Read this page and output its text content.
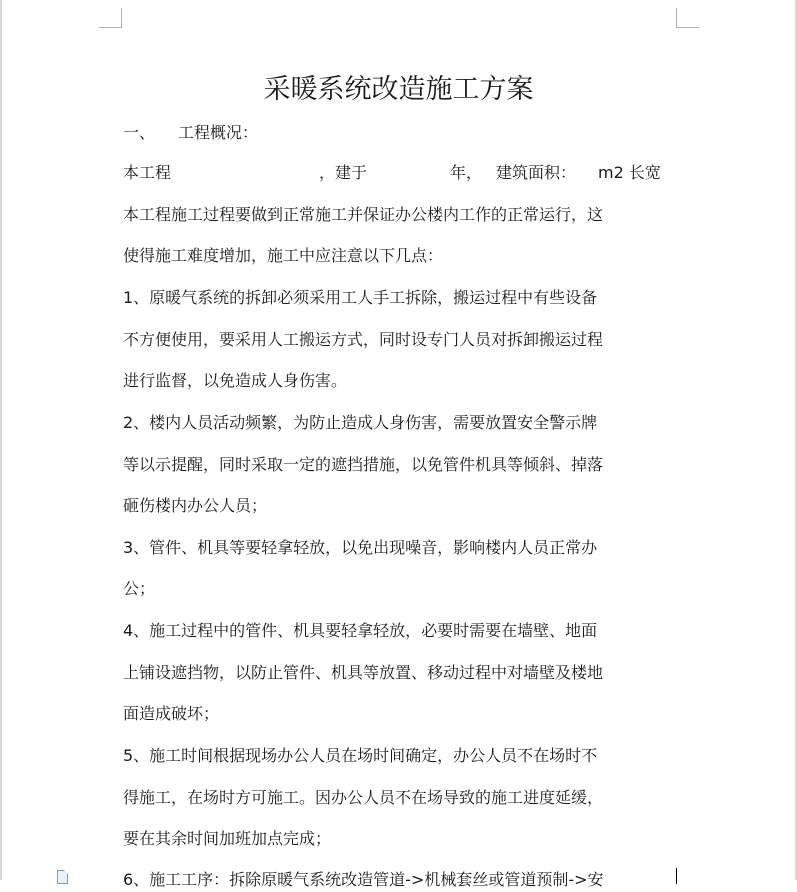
采暖系统改造施工方案
一、 工程概况：
本工程	，建于	年， 建筑面积： m2 长宽
本工程施工过程要做到正常施工并保证办公楼内工作的正常运行，这
使得施工难度增加，施工中应注意以下几点：
1、原暖气系统的拆卸必须采用工人手工拆除，搬运过程中有些设备
不方便使用，要采用人工搬运方式，同时设专门人员对拆卸搬运过程
进行监督，以免造成人身伤害。
2、楼内人员活动频繁，为防止造成人身伤害，需要放置安全警示牌
等以示提醒，同时采取一定的遮挡措施，以免管件机具等倾斜、掉落
砸伤楼内办公人员；
3、管件、机具等要轻拿轻放，以免出现噪音，影响楼内人员正常办
公；
4、施工过程中的管件、机具要轻拿轻放，必要时需要在墙壁、地面
上铺设遮挡物，以防止管件、机具等放置、移动过程中对墙壁及楼地
面造成破坏；
5、施工时间根据现场办公人员在场时间确定，办公人员不在场时不
得施工，在场时方可施工。因办公人员不在场导致的施工进度延缓，
要在其余时间加班加点完成；
6、施工工序：拆除原暖气系统改造管道->机械套丝或管道预制->安
